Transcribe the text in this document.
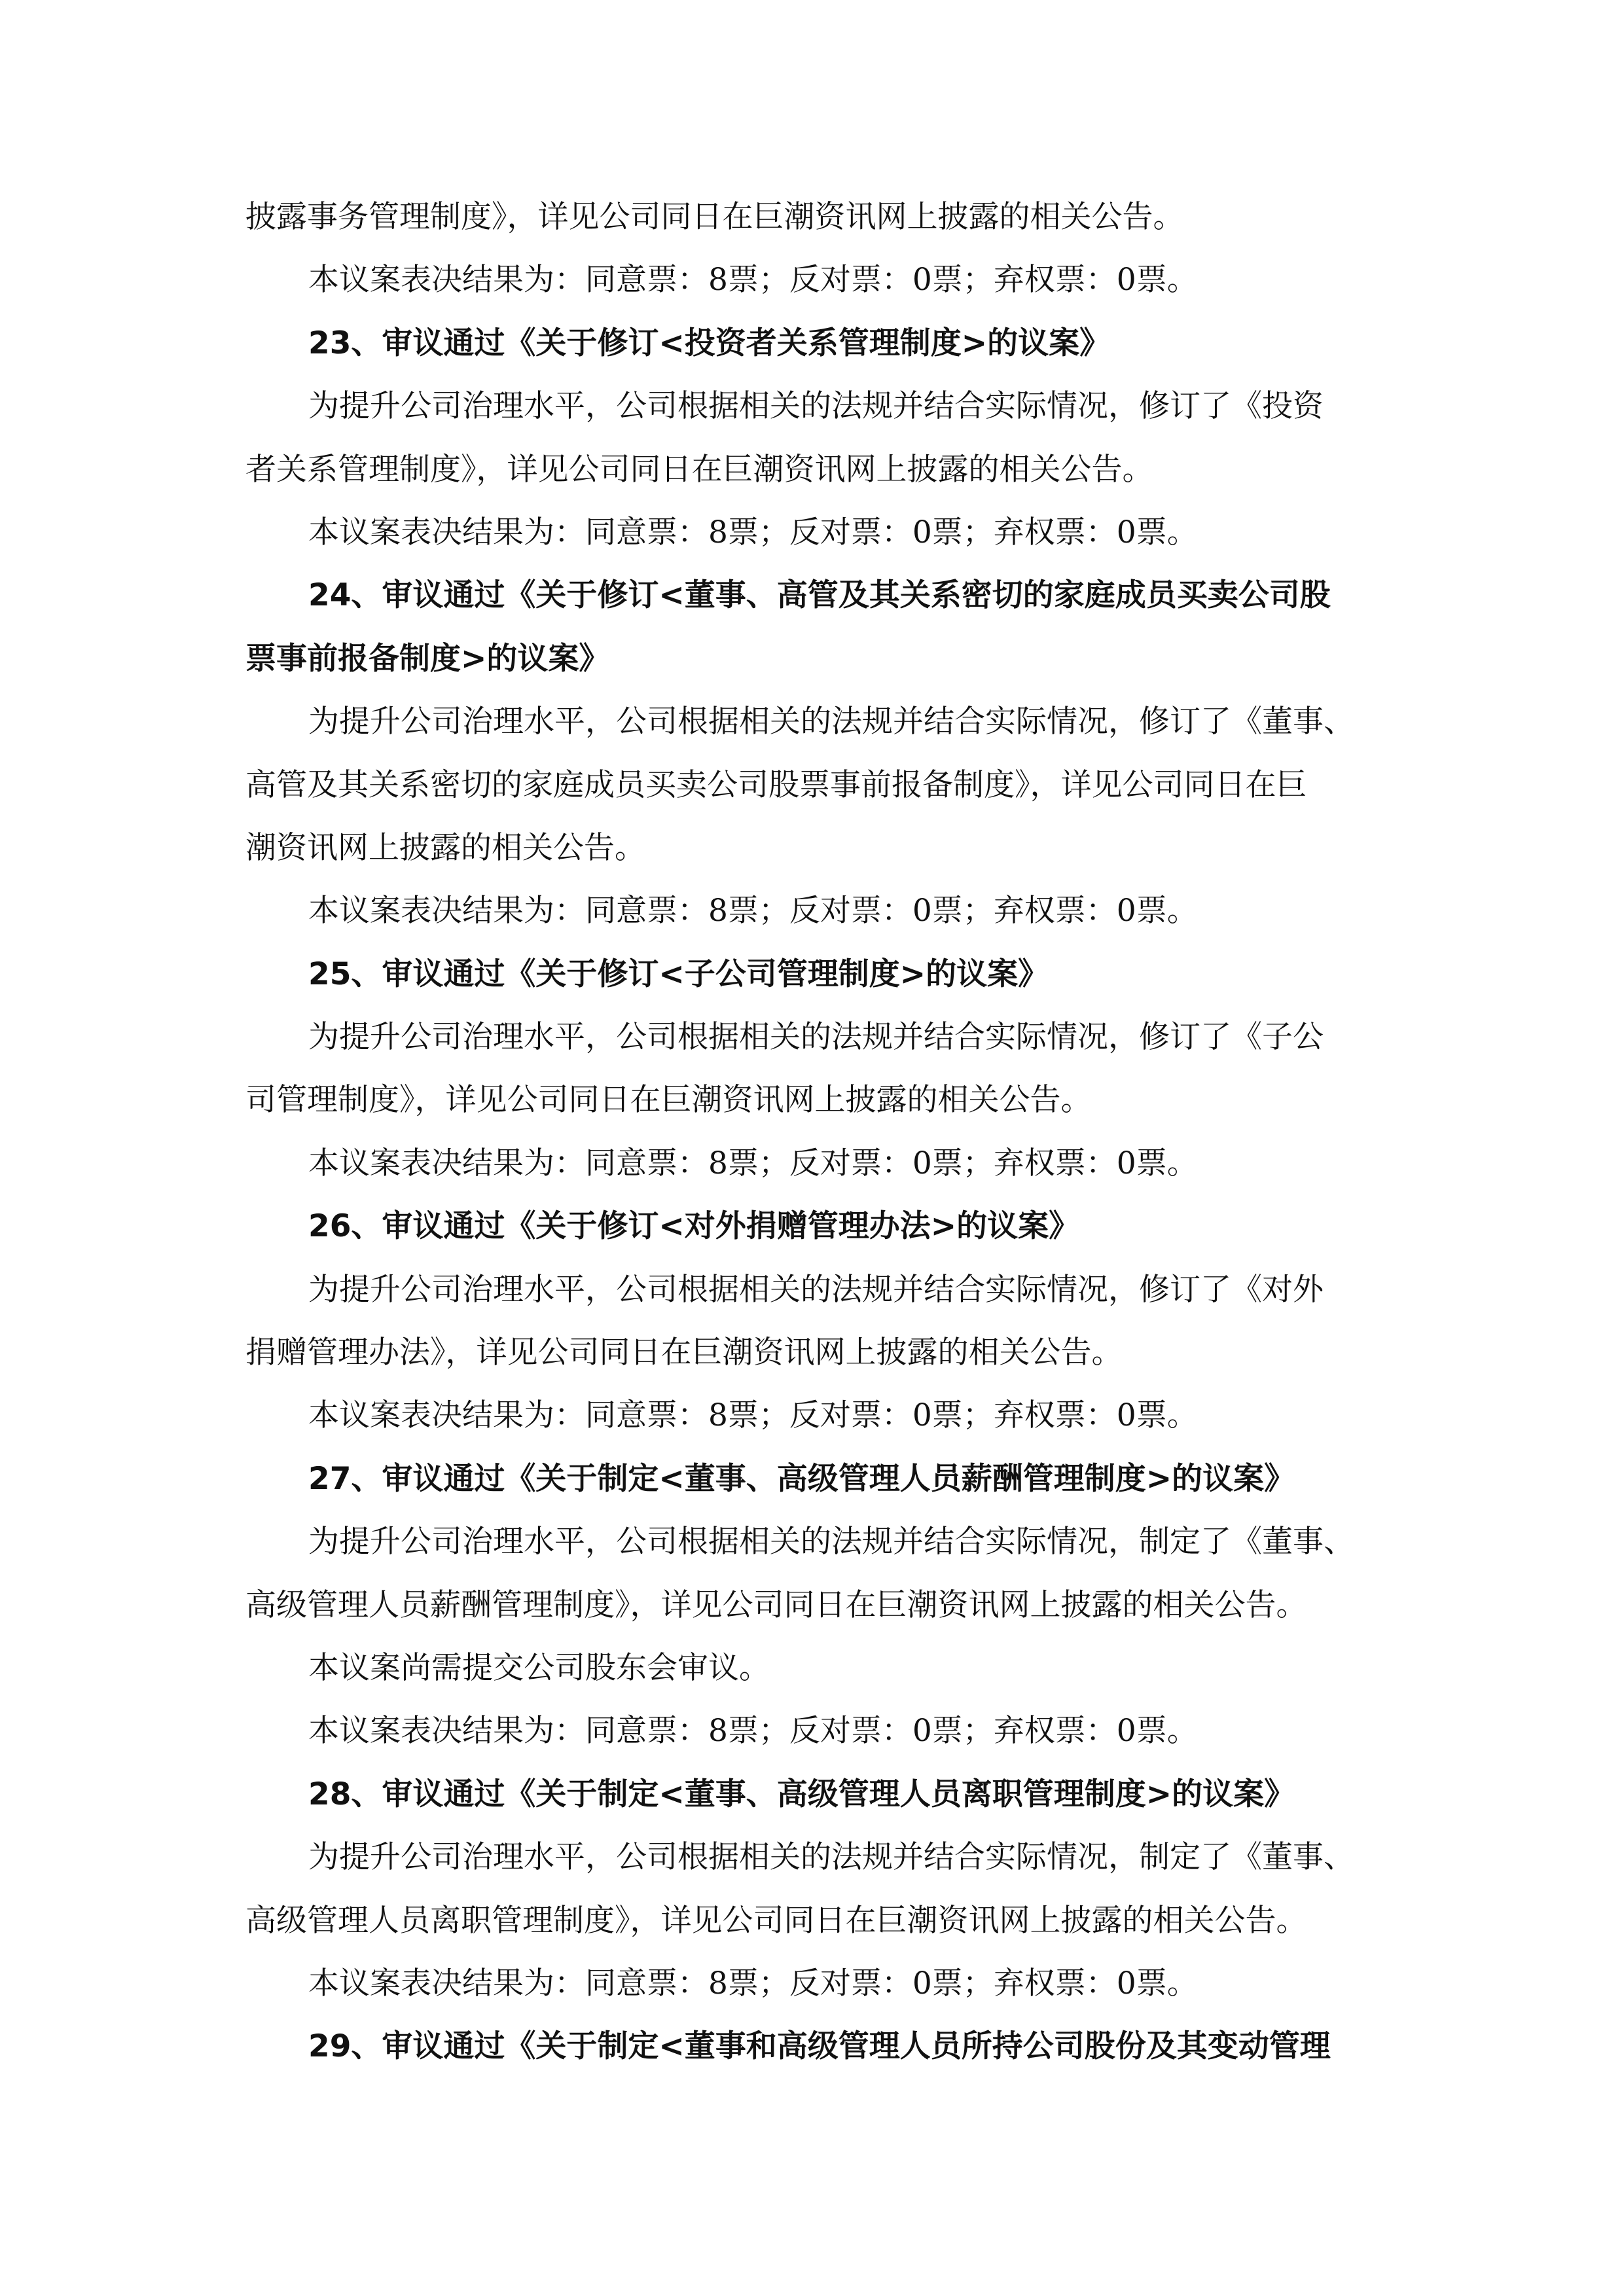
披露事务管理制度》，详见公司同日在巨潮资讯网上披露的相关公告。
本议案表决结果为：同意票：8票；反对票：0票；弃权票：0票。
23、审议通过《关于修订<投资者关系管理制度>的议案》
为提升公司治理水平，公司根据相关的法规并结合实际情况，修订了《投资
者关系管理制度》，详见公司同日在巨潮资讯网上披露的相关公告。
本议案表决结果为：同意票：8票；反对票：0票；弃权票：0票。
24、审议通过《关于修订<董事、高管及其关系密切的家庭成员买卖公司股
票事前报备制度>的议案》
为提升公司治理水平，公司根据相关的法规并结合实际情况，修订了《董事、
高管及其关系密切的家庭成员买卖公司股票事前报备制度》，详见公司同日在巨
潮资讯网上披露的相关公告。
本议案表决结果为：同意票：8票；反对票：0票；弃权票：0票。
25、审议通过《关于修订<子公司管理制度>的议案》
为提升公司治理水平，公司根据相关的法规并结合实际情况，修订了《子公
司管理制度》，详见公司同日在巨潮资讯网上披露的相关公告。
本议案表决结果为：同意票：8票；反对票：0票；弃权票：0票。
26、审议通过《关于修订<对外捐赠管理办法>的议案》
为提升公司治理水平，公司根据相关的法规并结合实际情况，修订了《对外
捐赠管理办法》，详见公司同日在巨潮资讯网上披露的相关公告。
本议案表决结果为：同意票：8票；反对票：0票；弃权票：0票。
27、审议通过《关于制定<董事、高级管理人员薪酬管理制度>的议案》
为提升公司治理水平，公司根据相关的法规并结合实际情况，制定了《董事、
高级管理人员薪酬管理制度》，详见公司同日在巨潮资讯网上披露的相关公告。
本议案尚需提交公司股东会审议。
本议案表决结果为：同意票：8票；反对票：0票；弃权票：0票。
28、审议通过《关于制定<董事、高级管理人员离职管理制度>的议案》
为提升公司治理水平，公司根据相关的法规并结合实际情况，制定了《董事、
高级管理人员离职管理制度》，详见公司同日在巨潮资讯网上披露的相关公告。
本议案表决结果为：同意票：8票；反对票：0票；弃权票：0票。
29、审议通过《关于制定<董事和高级管理人员所持公司股份及其变动管理
